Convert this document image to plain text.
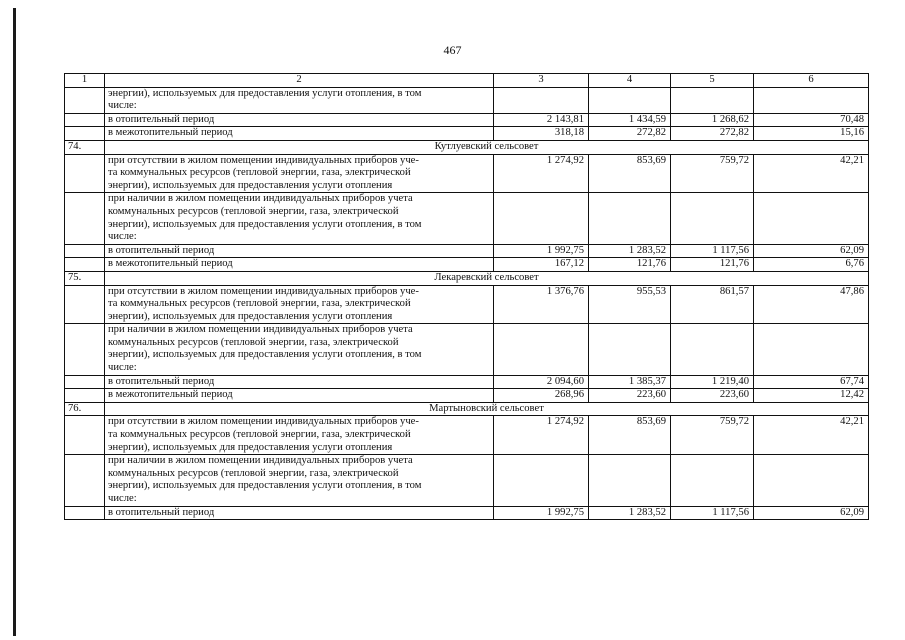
467
1	2	3	4	5	6

	энергии), используемых для предоставления услуги отопления, в том
числе:				

	в отопительный период	2 143,81	1 434,59	1 268,62	70,48

	в межотопительный период	318,18	272,82	272,82	15,16
74.	Кутлуевский сельсовет				

	при отсутствии в жилом помещении индивидуальных приборов уче-
та коммунальных ресурсов (тепловой энергии, газа, электрической
энергии), используемых для предоставления услуги отопления	1 274,92	853,69	759,72	42,21

	при наличии в жилом помещении индивидуальных приборов учета
коммунальных ресурсов (тепловой энергии, газа, электрической
энергии), используемых для предоставления услуги отопления, в том
числе:				

	в отопительный период	1 992,75	1 283,52	1 117,56	62,09

	в межотопительный период	167,12	121,76	121,76	6,76
75.	Лекаревский сельсовет				

	при отсутствии в жилом помещении индивидуальных приборов уче-
та коммунальных ресурсов (тепловой энергии, газа, электрической
энергии), используемых для предоставления услуги отопления	1 376,76	955,53	861,57	47,86

	при наличии в жилом помещении индивидуальных приборов учета
коммунальных ресурсов (тепловой энергии, газа, электрической
энергии), используемых для предоставления услуги отопления, в том
числе:				

	в отопительный период	2 094,60	1 385,37	1 219,40	67,74

	в межотопительный период	268,96	223,60	223,60	12,42
76.	Мартыновский сельсовет				

	при отсутствии в жилом помещении индивидуальных приборов уче-
та коммунальных ресурсов (тепловой энергии, газа, электрической
энергии), используемых для предоставления услуги отопления	1 274,92	853,69	759,72	42,21

	при наличии в жилом помещении индивидуальных приборов учета
коммунальных ресурсов (тепловой энергии, газа, электрической
энергии), используемых для предоставления услуги отопления, в том
числе:				

	в отопительный период	1 992,75	1 283,52	1 117,56	62,09
